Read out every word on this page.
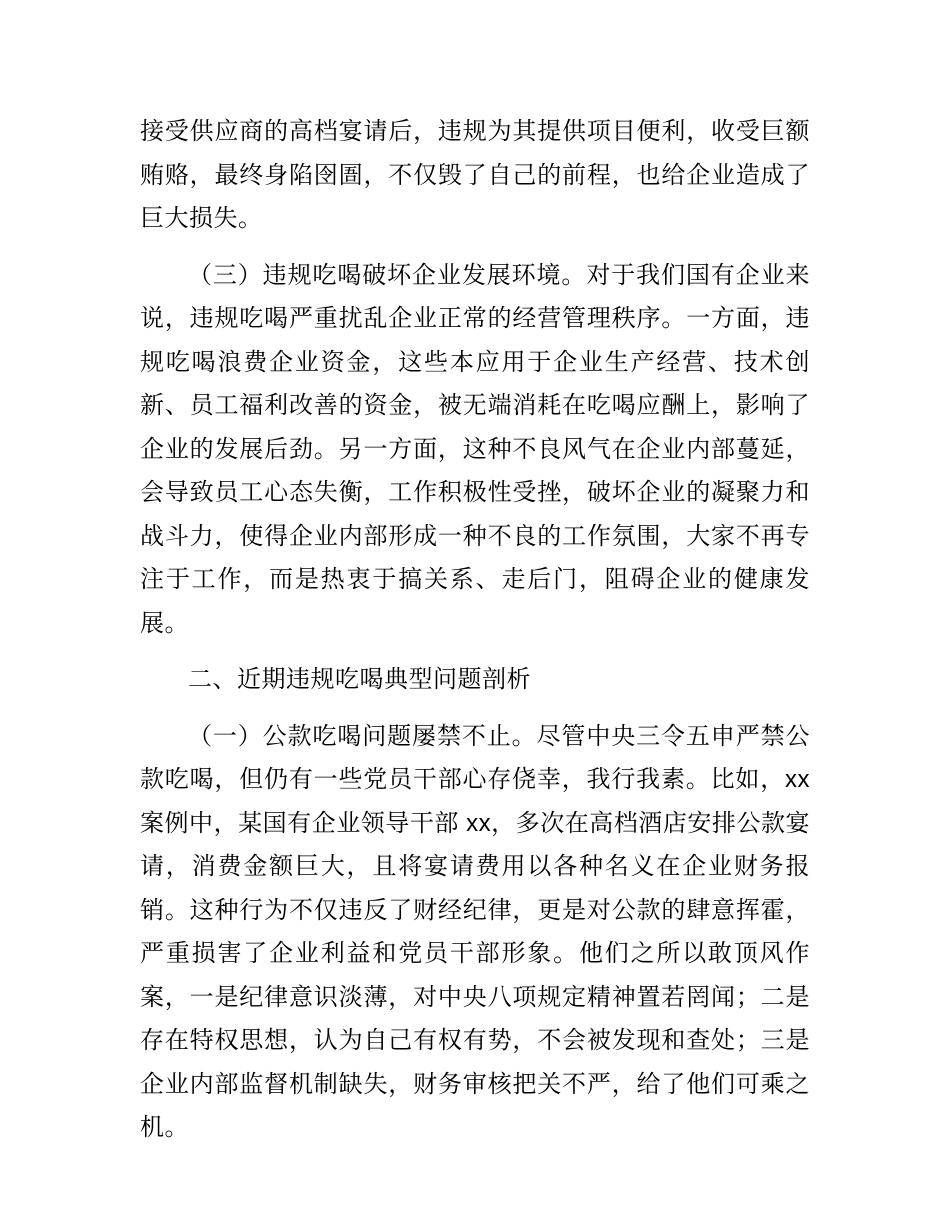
接受供应商的高档宴请后，违规为其提供项目便利，收受巨额贿赂，最终身陷囹圄，不仅毁了自己的前程，也给企业造成了巨大损失。

（三）违规吃喝破坏企业发展环境。对于我们国有企业来说，违规吃喝严重扰乱企业正常的经营管理秩序。一方面，违规吃喝浪费企业资金，这些本应用于企业生产经营、技术创新、员工福利改善的资金，被无端消耗在吃喝应酬上，影响了企业的发展后劲。另一方面，这种不良风气在企业内部蔓延，会导致员工心态失衡，工作积极性受挫，破坏企业的凝聚力和战斗力，使得企业内部形成一种不良的工作氛围，大家不再专注于工作，而是热衷于搞关系、走后门，阻碍企业的健康发展。

二、近期违规吃喝典型问题剖析

（一）公款吃喝问题屡禁不止。尽管中央三令五申严禁公款吃喝，但仍有一些党员干部心存侥幸，我行我素。比如，xx 案例中，某国有企业领导干部 xx，多次在高档酒店安排公款宴请，消费金额巨大，且将宴请费用以各种名义在企业财务报销。这种行为不仅违反了财经纪律，更是对公款的肆意挥霍，严重损害了企业利益和党员干部形象。他们之所以敢顶风作案，一是纪律意识淡薄，对中央八项规定精神置若罔闻；二是存在特权思想，认为自己有权有势，不会被发现和查处；三是企业内部监督机制缺失，财务审核把关不严，给了他们可乘之机。
